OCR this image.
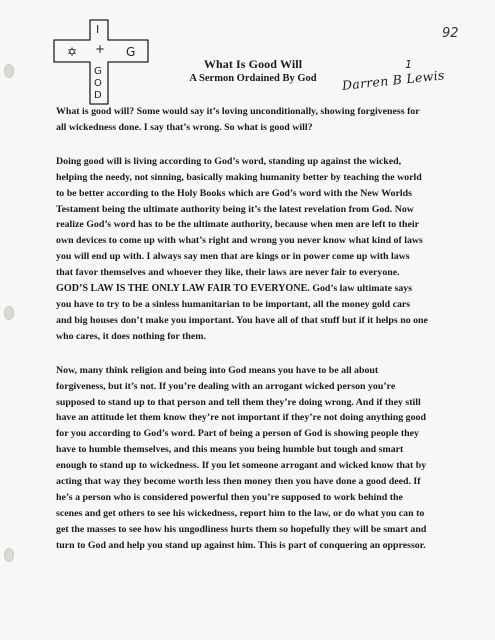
92
✡	G
I
+
G
O
D
What Is Good Will
A Sermon Ordained By God
1
Darren B Lewis

What is good will? Some would say it’s loving unconditionally, showing forgiveness for all wickedness done. I say that’s wrong. So what is good will?

Doing good will is living according to God’s word, standing up against the wicked, helping the needy, not sinning, basically making humanity better by teaching the world to be better according to the Holy Books which are God’s word with the New Worlds Testament being the ultimate authority being it’s the latest revelation from God. Now realize God’s word has to be the ultimate authority, because when men are left to their own devices to come up with what’s right and wrong you never know what kind of laws you will end up with. I always say men that are kings or in power come up with laws that favor themselves and whoever they like, their laws are never fair to everyone. GOD’S LAW IS THE ONLY LAW FAIR TO EVERYONE. God’s law ultimate says you have to try to be a sinless humanitarian to be important, all the money gold cars and big houses don’t make you important. You have all of that stuff but if it helps no one who cares, it does nothing for them.

Now, many think religion and being into God means you have to be all about forgiveness, but it’s not. If you’re dealing with an arrogant wicked person you’re supposed to stand up to that person and tell them they’re doing wrong. And if they still have an attitude let them know they’re not important if they’re not doing anything good for you according to God’s word. Part of being a person of God is showing people they have to humble themselves, and this means you being humble but tough and smart enough to stand up to wickedness. If you let someone arrogant and wicked know that by acting that way they become worth less then money then you have done a good deed. If he’s a person who is considered powerful then you’re supposed to work behind the scenes and get others to see his wickedness, report him to the law, or do what you can to get the masses to see how his ungodliness hurts them so hopefully they will be smart and turn to God and help you stand up against him. This is part of conquering an oppressor.
